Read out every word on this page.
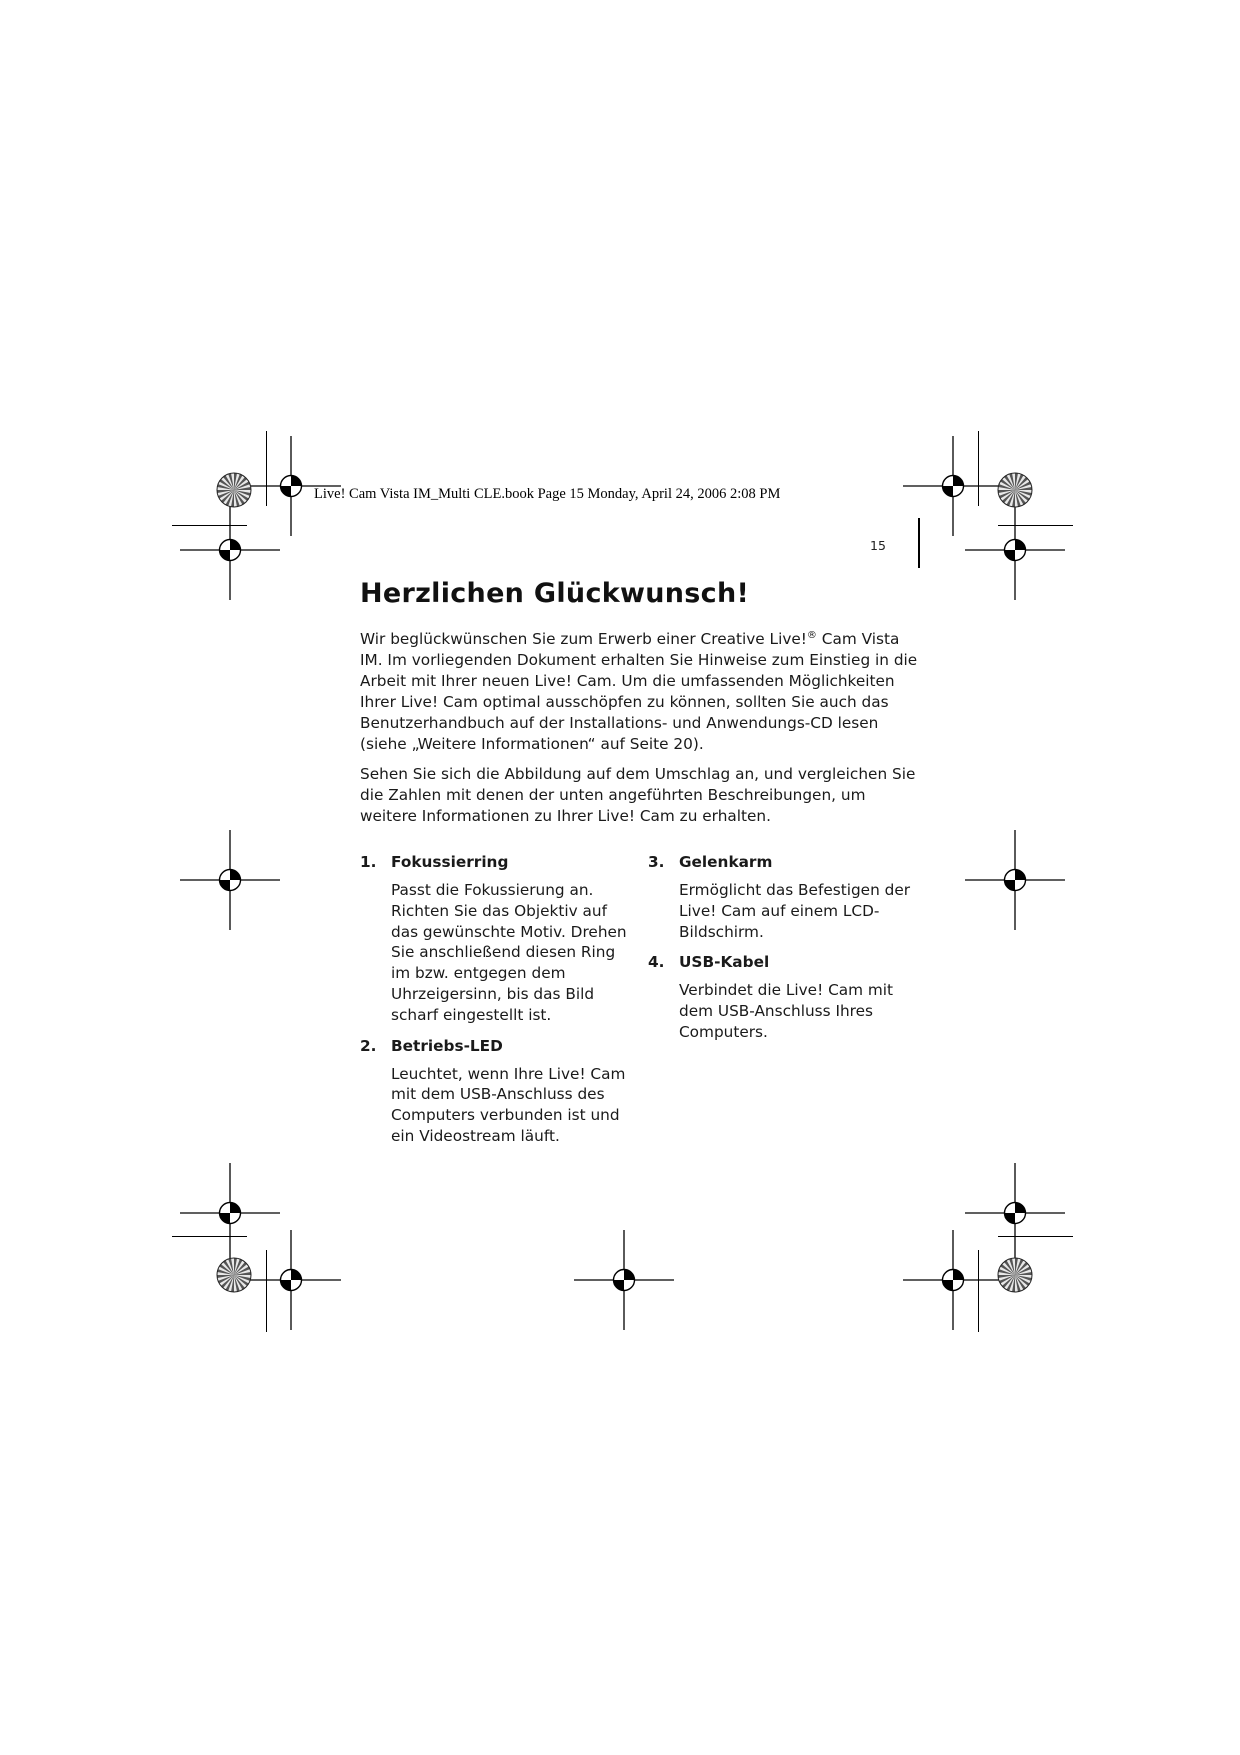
Live! Cam Vista IM_Multi CLE.book Page 15 Monday, April 24, 2006 2:08 PM
15
Herzlichen Glückwunsch!

Wir beglückwünschen Sie zum Erwerb einer Creative Live!® Cam Vista IM. Im vorliegenden Dokument erhalten Sie Hinweise zum Einstieg in die Arbeit mit Ihrer neuen Live! Cam. Um die umfassenden Möglichkeiten Ihrer Live! Cam optimal ausschöpfen zu können, sollten Sie auch das Benutzerhandbuch auf der Installations- und Anwendungs-CD lesen (siehe „Weitere Informationen“ auf Seite 20).

Sehen Sie sich die Abbildung auf dem Umschlag an, und vergleichen Sie die Zahlen mit denen der unten angeführten Beschreibungen, um weitere Informationen zu Ihrer Live! Cam zu erhalten.

1. Fokussierring
Passt die Fokussierung an. Richten Sie das Objektiv auf das gewünschte Motiv. Drehen Sie anschließend diesen Ring im bzw. entgegen dem Uhrzeigersinn, bis das Bild scharf eingestellt ist.
2. Betriebs-LED
Leuchtet, wenn Ihre Live! Cam mit dem USB-Anschluss des Computers verbunden ist und ein Videostream läuft.
3. Gelenkarm
Ermöglicht das Befestigen der Live! Cam auf einem LCD-Bildschirm.
4. USB-Kabel
Verbindet die Live! Cam mit dem USB-Anschluss Ihres Computers.
